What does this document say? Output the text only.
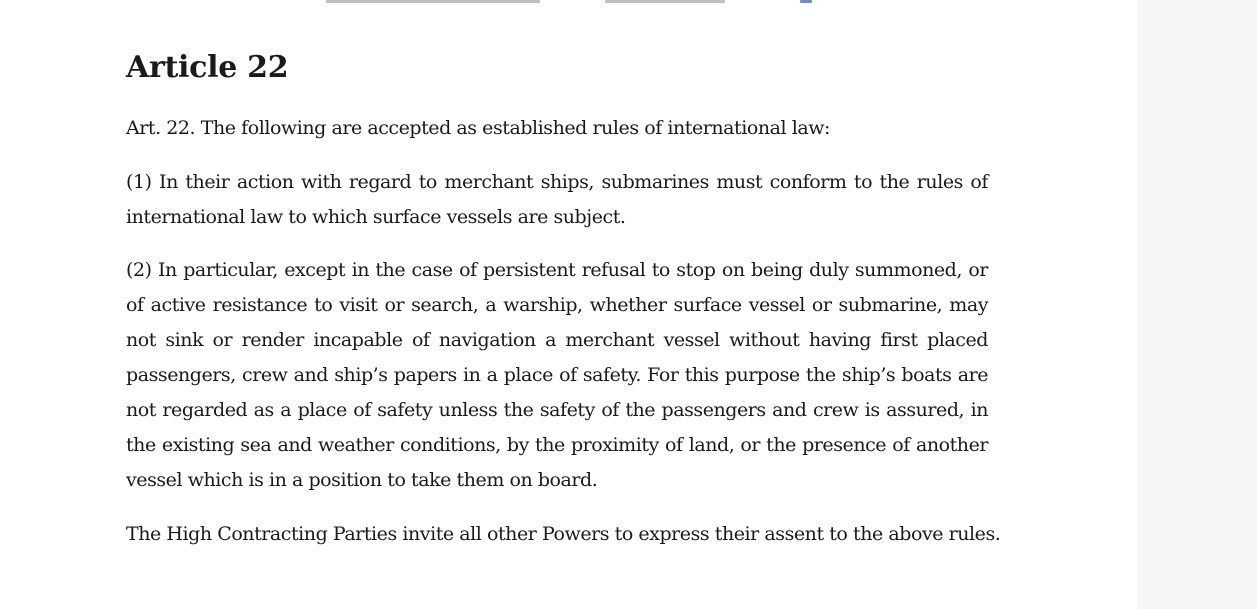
Article 22

Art. 22. The following are accepted as established rules of international law:

(1) In their action with regard to merchant ships, submarines must conform to the rules of international law to which surface vessels are subject.

(2) In particular, except in the case of persistent refusal to stop on being duly summoned, or of active resistance to visit or search, a warship, whether surface vessel or submarine, may not sink or render incapable of navigation a merchant vessel without having first placed passengers, crew and ship’s papers in a place of safety. For this purpose the ship’s boats are not regarded as a place of safety unless the safety of the passengers and crew is assured, in the existing sea and weather conditions, by the proximity of land, or the presence of another vessel which is in a position to take them on board.

The High Contracting Parties invite all other Powers to express their assent to the above rules.
